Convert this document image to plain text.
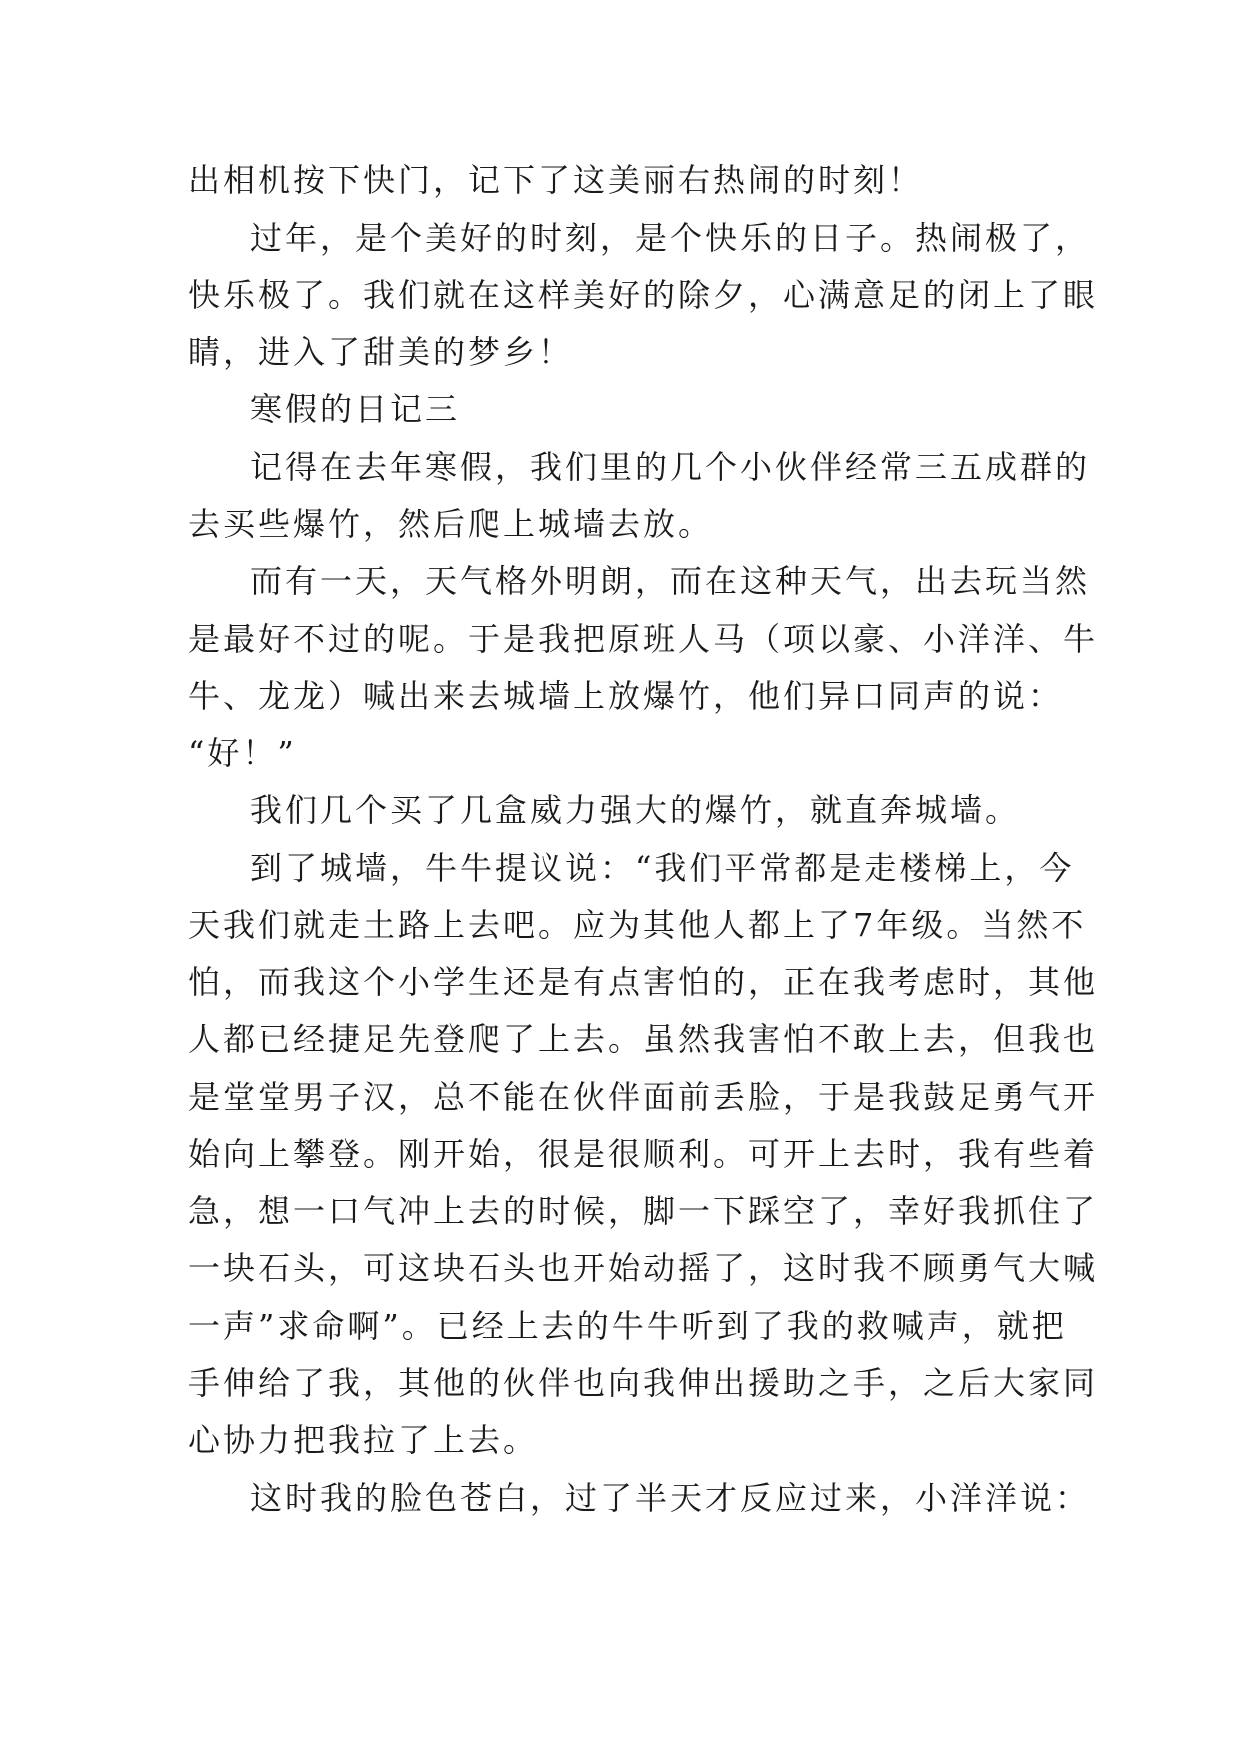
出相机按下快门，记下了这美丽右热闹的时刻！
过年，是个美好的时刻，是个快乐的日子。热闹极了，
快乐极了。我们就在这样美好的除夕，心满意足的闭上了眼
睛，进入了甜美的梦乡！
寒假的日记三
记得在去年寒假，我们里的几个小伙伴经常三五成群的
去买些爆竹，然后爬上城墙去放。
而有一天，天气格外明朗，而在这种天气，出去玩当然
是最好不过的呢。于是我把原班人马（项以豪、小洋洋、牛
牛、龙龙）喊出来去城墙上放爆竹，他们异口同声的说：
“好！”
我们几个买了几盒威力强大的爆竹，就直奔城墙。
到了城墙，牛牛提议说：“我们平常都是走楼梯上，今
天我们就走土路上去吧。应为其他人都上了7年级。当然不
怕，而我这个小学生还是有点害怕的，正在我考虑时，其他
人都已经捷足先登爬了上去。虽然我害怕不敢上去，但我也
是堂堂男子汉，总不能在伙伴面前丢脸，于是我鼓足勇气开
始向上攀登。刚开始，很是很顺利。可开上去时，我有些着
急，想一口气冲上去的时候，脚一下踩空了，幸好我抓住了
一块石头，可这块石头也开始动摇了，这时我不顾勇气大喊
一声”求命啊”。已经上去的牛牛听到了我的救喊声，就把
手伸给了我，其他的伙伴也向我伸出援助之手，之后大家同
心协力把我拉了上去。
这时我的脸色苍白，过了半天才反应过来，小洋洋说：
